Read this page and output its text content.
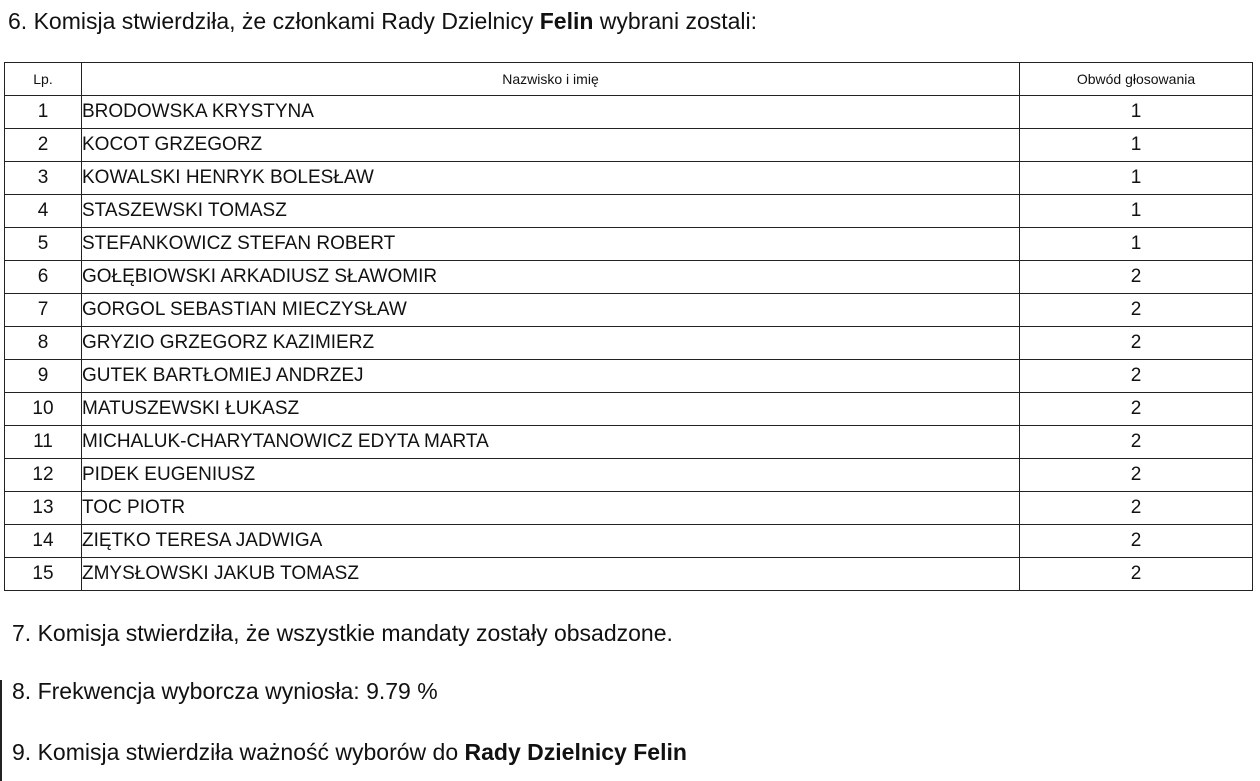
6. Komisja stwierdziła, że członkami Rady Dzielnicy Felin wybrani zostali:
Lp.	Nazwisko i imię	Obwód głosowania
1	BRODOWSKA KRYSTYNA	1
2	KOCOT GRZEGORZ	1
3	KOWALSKI HENRYK BOLESŁAW	1
4	STASZEWSKI TOMASZ	1
5	STEFANKOWICZ STEFAN ROBERT	1
6	GOŁĘBIOWSKI ARKADIUSZ SŁAWOMIR	2
7	GORGOL SEBASTIAN MIECZYSŁAW	2
8	GRYZIO GRZEGORZ KAZIMIERZ	2
9	GUTEK BARTŁOMIEJ ANDRZEJ	2
10	MATUSZEWSKI ŁUKASZ	2
11	MICHALUK-CHARYTANOWICZ EDYTA MARTA	2
12	PIDEK EUGENIUSZ	2
13	TOC PIOTR	2
14	ZIĘTKO TERESA JADWIGA	2
15	ZMYSŁOWSKI JAKUB TOMASZ	2
7. Komisja stwierdziła, że wszystkie mandaty zostały obsadzone.
8. Frekwencja wyborcza wyniosła: 9.79 %
9. Komisja stwierdziła ważność wyborów do Rady Dzielnicy Felin
